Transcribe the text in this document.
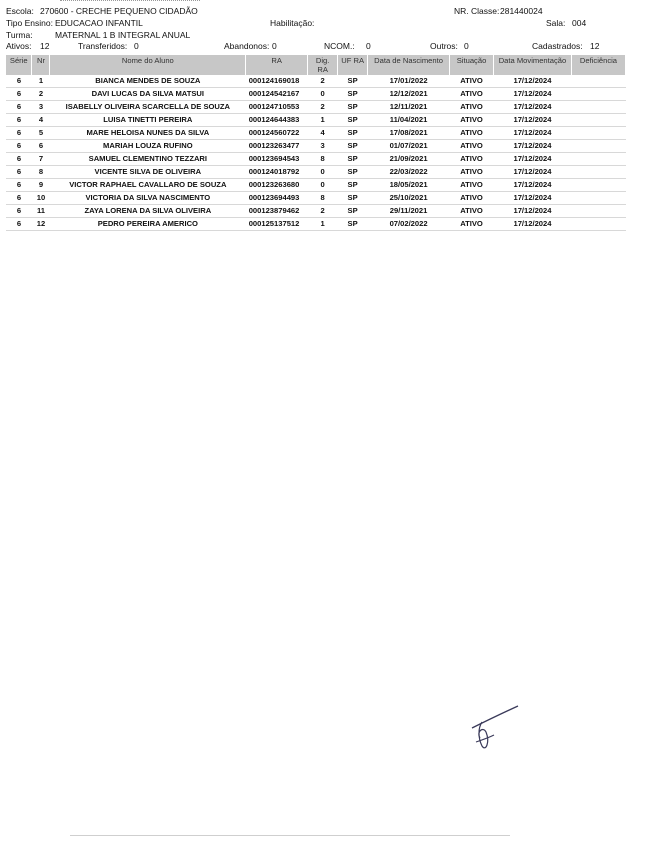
Escola: 270600 - CRECHE PEQUENO CIDADÃO	NR. Classe: 281440024
Tipo Ensino: EDUCACAO INFANTIL	Habilitação:	Sala: 004
Turma:	MATERNAL 1 B INTEGRAL ANUAL
Ativos: 12	Transferidos: 0	Abandonos: 0	NCOM.: 0	Outros: 0	Cadastrados: 12
Série	Nr	Nome do Aluno	RA	Dig. RA	UF RA	Data de Nascimento	Situação	Data Movimentação	Deficiência
6	1	BIANCA MENDES DE SOUZA	000124169018	2	SP	17/01/2022	ATIVO	17/12/2024	
6	2	DAVI LUCAS DA SILVA MATSUI	000124542167	0	SP	12/12/2021	ATIVO	17/12/2024	
6	3	ISABELLY OLIVEIRA SCARCELLA DE SOUZA	000124710553	2	SP	12/11/2021	ATIVO	17/12/2024	
6	4	LUISA TINETTI PEREIRA	000124644383	1	SP	11/04/2021	ATIVO	17/12/2024	
6	5	MARE HELOISA NUNES DA SILVA	000124560722	4	SP	17/08/2021	ATIVO	17/12/2024	
6	6	MARIAH LOUZA RUFINO	000123263477	3	SP	01/07/2021	ATIVO	17/12/2024	
6	7	SAMUEL CLEMENTINO TEZZARI	000123694543	8	SP	21/09/2021	ATIVO	17/12/2024	
6	8	VICENTE SILVA DE OLIVEIRA	000124018792	0	SP	22/03/2022	ATIVO	17/12/2024	
6	9	VICTOR RAPHAEL CAVALLARO DE SOUZA	000123263680	0	SP	18/05/2021	ATIVO	17/12/2024	
6	10	VICTORIA DA SILVA NASCIMENTO	000123694493	8	SP	25/10/2021	ATIVO	17/12/2024	
6	11	ZAYA LORENA DA SILVA OLIVEIRA	000123879462	2	SP	29/11/2021	ATIVO	17/12/2024	
6	12	PEDRO PEREIRA AMERICO	000125137512	1	SP	07/02/2022	ATIVO	17/12/2024	
